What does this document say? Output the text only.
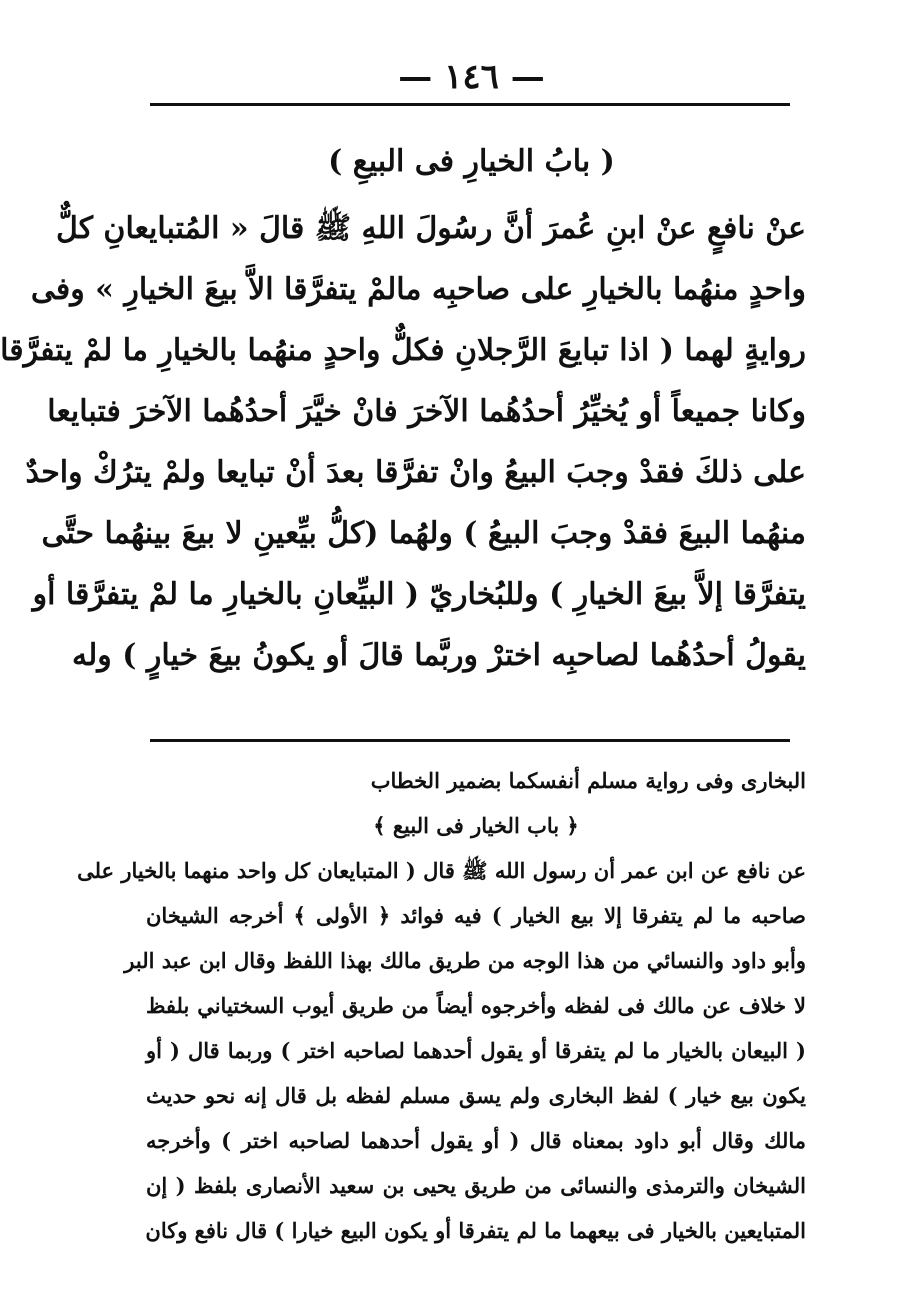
— ١٤٦ —
( بابُ الخيارِ فى البيعِ )
عنْ نافعٍ عنْ ابنِ عُمرَ أنَّ رسُولَ اللهِ ﷺ قالَ « المُتبايعانِ كلٌّ
واحدٍ منهُما بالخيارِ على صاحبِه مالمْ يتفرَّقا الاَّ بيعَ الخيارِ » وفى
روايةٍ لهما ( اذا تبايعَ الرَّجلانِ فكلٌّ واحدٍ منهُما بالخيارِ ما لمْ يتفرَّقا
وكانا جميعاً أو يُخيِّرُ أحدُهُما الآخرَ فانْ خيَّرَ أحدُهُما الآخرَ فتبايعا
على ذلكَ فقدْ وجبَ البيعُ وانْ تفرَّقا بعدَ أنْ تبايعا ولمْ يترُكْ واحدٌ
منهُما البيعَ فقدْ وجبَ البيعُ ) ولهُما (كلُّ بيِّعينِ لا بيعَ بينهُما حتَّى
يتفرَّقا إلاَّ بيعَ الخيارِ ) وللبُخاريّ ( البيِّعانِ بالخيارِ ما لمْ يتفرَّقا أو
يقولُ أحدُهُما لصاحبِه اخترْ وربَّما قالَ أو يكونُ بيعَ خيارٍ ) وله
البخارى وفى رواية مسلم أنفسكما بضمير الخطاب
﴿ باب الخيار فى البيع ﴾
عن نافع عن ابن عمر أن رسول الله ﷺ قال ( المتبايعان كل واحد منهما بالخيار على
صاحبه ما لم يتفرقا إلا بيع الخيار ) فيه فوائد ﴿ الأولى ﴾ أخرجه الشيخان
وأبو داود والنسائي من هذا الوجه من طريق مالك بهذا اللفظ وقال ابن عبد البر
لا خلاف عن مالك فى لفظه وأخرجوه أيضاً من طريق أيوب السختياني بلفظ
( البيعان بالخيار ما لم يتفرقا أو يقول أحدهما لصاحبه اختر ) وربما قال ( أو
يكون بيع خيار ) لفظ البخارى ولم يسق مسلم لفظه بل قال إنه نحو حديث
مالك وقال أبو داود بمعناه قال ( أو يقول أحدهما لصاحبه اختر ) وأخرجه
الشيخان والترمذى والنسائى من طريق يحيى بن سعيد الأنصارى بلفظ ( إن
المتبايعين بالخيار فى بيعهما ما لم يتفرقا أو يكون البيع خيارا ) قال نافع وكان
